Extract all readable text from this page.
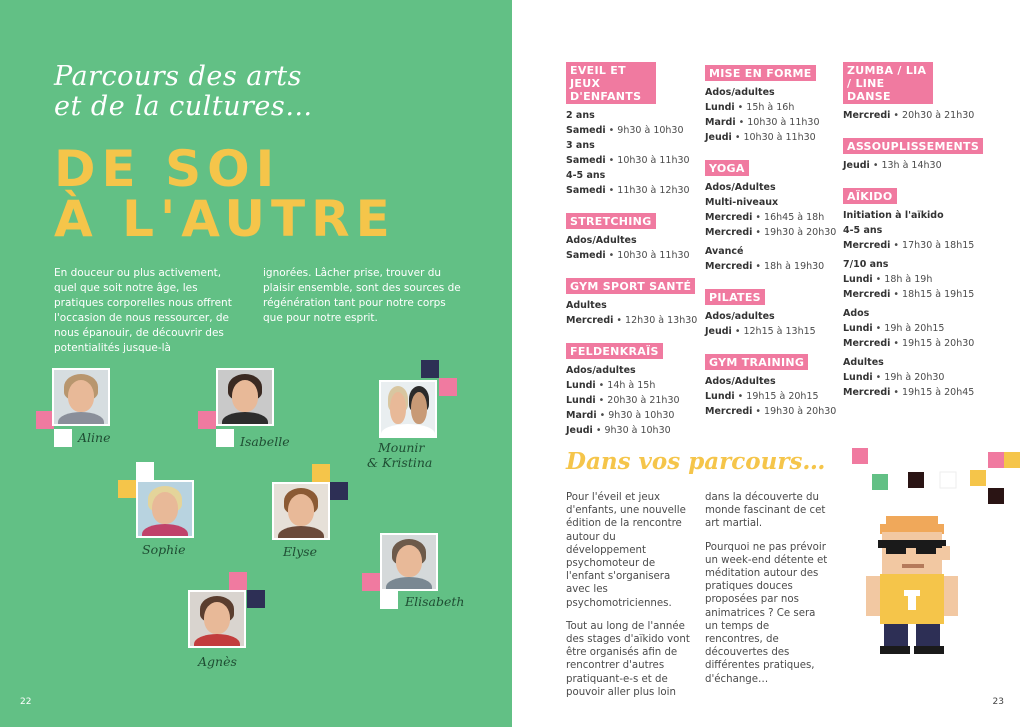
Parcours des arts
et de la cultures…
DE SOI
À L'AUTRE

En douceur ou plus activement, quel que soit notre âge, les pratiques corporelles nous offrent l'occasion de nous ressourcer, de nous épanouir, de découvrir des potentialités jusque-là

ignorées. Lâcher prise, trouver du plaisir ensemble, sont des sources de régénération tant pour notre corps que pour notre esprit.

Aline	Isabelle	Mounir
& Kristina
Sophie	Elyse
Elisabeth
Agnès
22
EVEIL ET JEUX D'ENFANTS
2 ans
Samedi • 9h30 à 10h30
3 ans
Samedi • 10h30 à 11h30
4-5 ans
Samedi • 11h30 à 12h30
STRETCHING
Ados/Adultes
Samedi • 10h30 à 11h30
GYM SPORT SANTÉ
Adultes
Mercredi • 12h30 à 13h30
FELDENKRAÏS
Ados/adultes
Lundi • 14h à 15h
Lundi • 20h30 à 21h30
Mardi • 9h30 à 10h30
Jeudi • 9h30 à 10h30
MISE EN FORME
Ados/adultes
Lundi • 15h à 16h
Mardi • 10h30 à 11h30
Jeudi • 10h30 à 11h30
YOGA
Ados/Adultes
Multi-niveaux
Mercredi • 16h45 à 18h
Mercredi • 19h30 à 20h30
Avancé
Mercredi • 18h à 19h30
PILATES
Ados/adultes
Jeudi • 12h15 à 13h15
GYM TRAINING
Ados/Adultes
Lundi • 19h15 à 20h15
Mercredi • 19h30 à 20h30
ZUMBA / LIA / LINE DANSE
Mercredi • 20h30 à 21h30
ASSOUPLISSEMENTS
Jeudi • 13h à 14h30
AÏKIDO
Initiation à l'aïkido
4-5 ans
Mercredi • 17h30 à 18h15
7/10 ans
Lundi • 18h à 19h
Mercredi • 18h15 à 19h15
Ados
Lundi • 19h à 20h15
Mercredi • 19h15 à 20h30
Adultes
Lundi • 19h à 20h30
Mercredi • 19h15 à 20h45
Dans vos parcours…

Pour l'éveil et jeux d'enfants, une nouvelle édition de la rencontre autour du développement psychomoteur de l'enfant s'organisera avec les psychomotriciennes.

Tout au long de l'année des stages d'aïkido vont être organisés afin de rencontrer d'autres pratiquant-e-s et de pouvoir aller plus loin

dans la découverte du monde fascinant de cet art martial.

Pourquoi ne pas prévoir un week-end détente et méditation autour des pratiques douces proposées par nos animatrices ? Ce sera un temps de rencontres, de découvertes des différentes pratiques, d'échange…

23
